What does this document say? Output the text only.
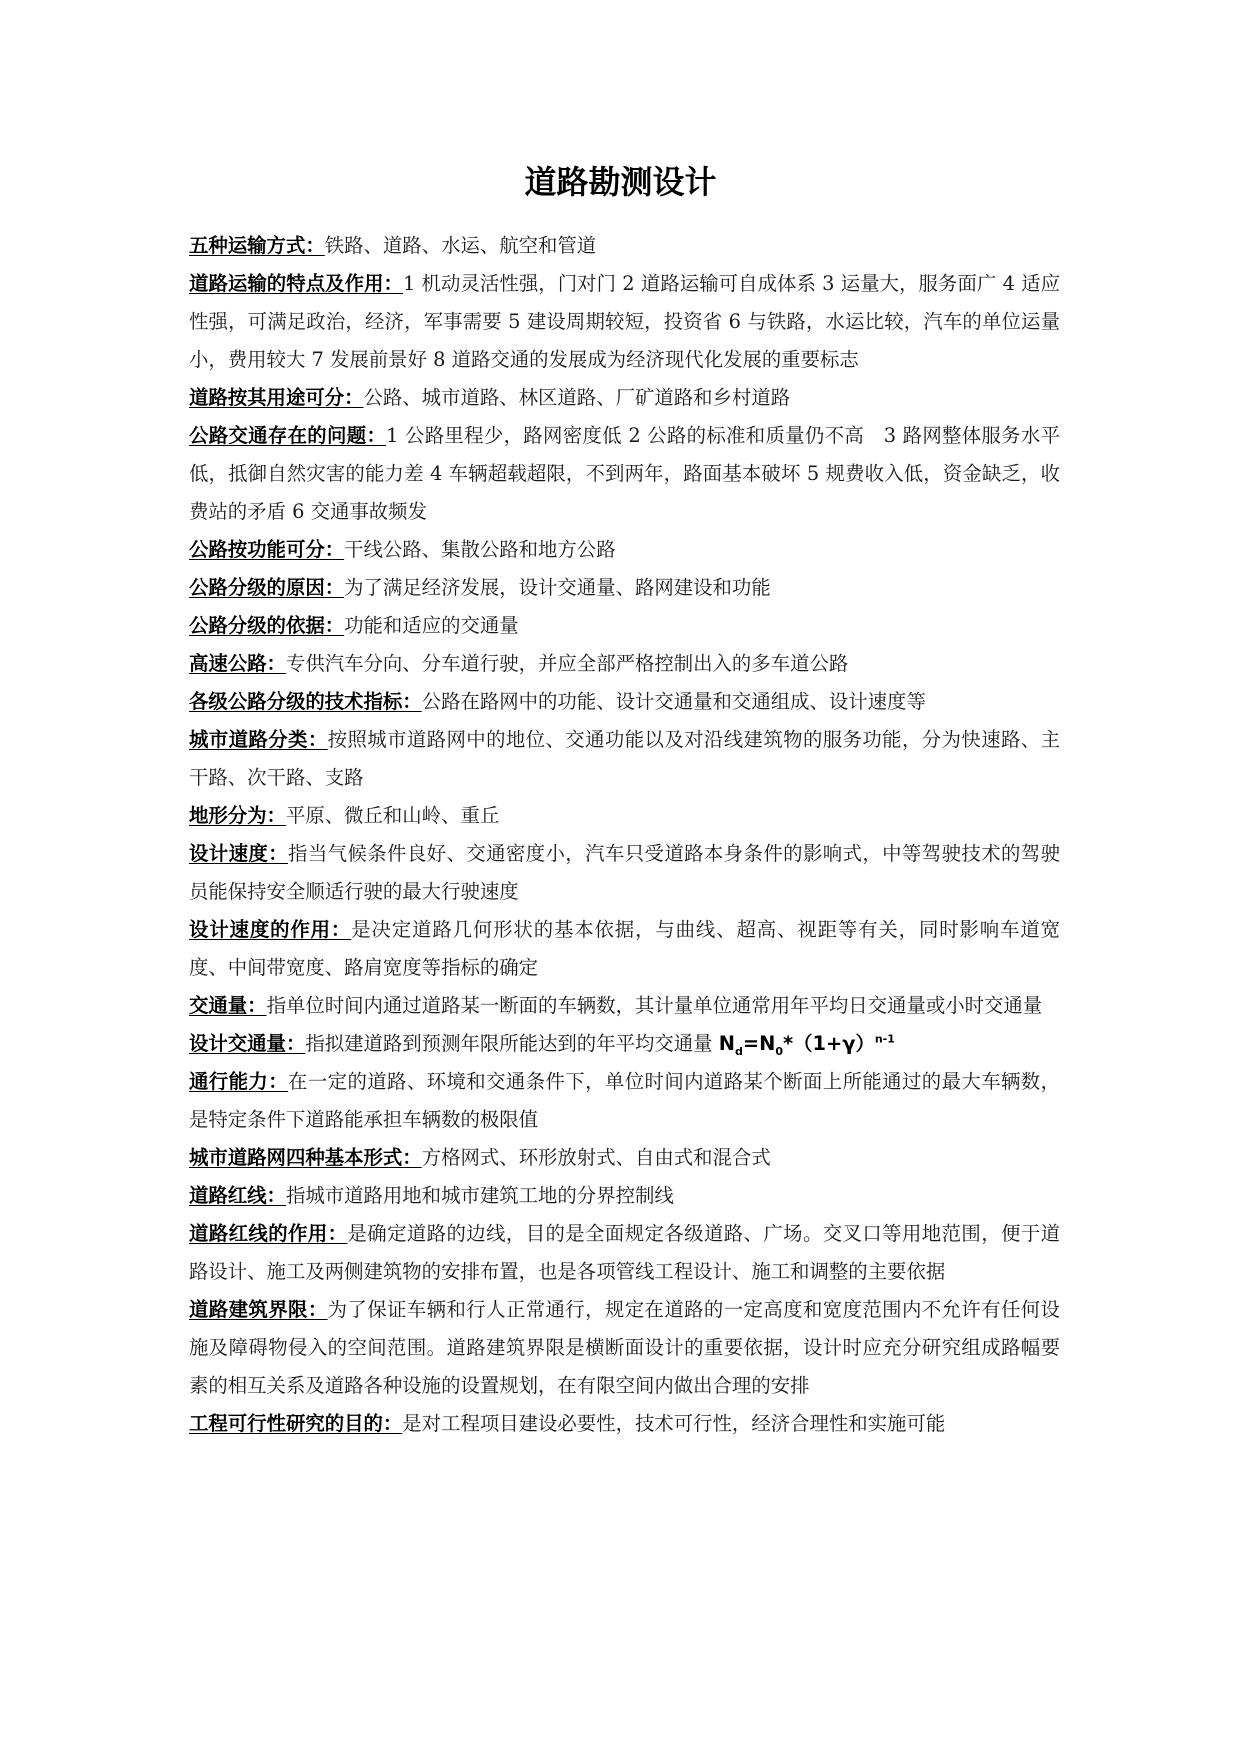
道路勘测设计

五种运输方式：铁路、道路、水运、航空和管道

道路运输的特点及作用：1 机动灵活性强，门对门 2 道路运输可自成体系 3 运量大，服务面广 4 适应性强，可满足政治，经济，军事需要 5 建设周期较短，投资省 6 与铁路，水运比较，汽车的单位运量小，费用较大 7 发展前景好 8 道路交通的发展成为经济现代化发展的重要标志

道路按其用途可分：公路、城市道路、林区道路、厂矿道路和乡村道路

公路交通存在的问题：1 公路里程少，路网密度低 2 公路的标准和质量仍不高　3 路网整体服务水平低，抵御自然灾害的能力差 4 车辆超载超限，不到两年，路面基本破坏 5 规费收入低，资金缺乏，收费站的矛盾 6 交通事故频发

公路按功能可分：干线公路、集散公路和地方公路

公路分级的原因：为了满足经济发展，设计交通量、路网建设和功能

公路分级的依据：功能和适应的交通量

高速公路：专供汽车分向、分车道行驶，并应全部严格控制出入的多车道公路

各级公路分级的技术指标：公路在路网中的功能、设计交通量和交通组成、设计速度等

城市道路分类：按照城市道路网中的地位、交通功能以及对沿线建筑物的服务功能，分为快速路、主干路、次干路、支路

地形分为：平原、微丘和山岭、重丘

设计速度：指当气候条件良好、交通密度小，汽车只受道路本身条件的影响式，中等驾驶技术的驾驶员能保持安全顺适行驶的最大行驶速度

设计速度的作用：是决定道路几何形状的基本依据，与曲线、超高、视距等有关，同时影响车道宽度、中间带宽度、路肩宽度等指标的确定

交通量：指单位时间内通过道路某一断面的车辆数，其计量单位通常用年平均日交通量或小时交通量

设计交通量：指拟建道路到预测年限所能达到的年平均交通量 $N_d=N_0*(1+\gamma)^{n-1}$

通行能力：在一定的道路、环境和交通条件下，单位时间内道路某个断面上所能通过的最大车辆数，是特定条件下道路能承担车辆数的极限值

城市道路网四种基本形式：方格网式、环形放射式、自由式和混合式

道路红线：指城市道路用地和城市建筑工地的分界控制线

道路红线的作用：是确定道路的边线，目的是全面规定各级道路、广场。交叉口等用地范围，便于道路设计、施工及两侧建筑物的安排布置，也是各项管线工程设计、施工和调整的主要依据

道路建筑界限：为了保证车辆和行人正常通行，规定在道路的一定高度和宽度范围内不允许有任何设施及障碍物侵入的空间范围。道路建筑界限是横断面设计的重要依据，设计时应充分研究组成路幅要素的相互关系及道路各种设施的设置规划，在有限空间内做出合理的安排

工程可行性研究的目的：是对工程项目建设必要性，技术可行性，经济合理性和实施可能
